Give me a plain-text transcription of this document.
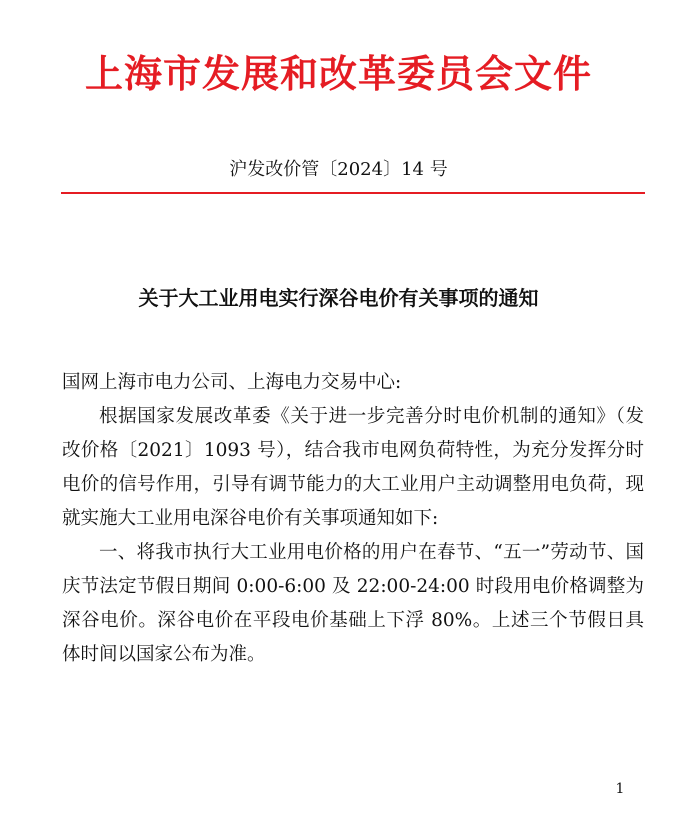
上海市发展和改革委员会文件
沪发改价管〔2024〕14 号
关于大工业用电实行深谷电价有关事项的通知

国网上海市电力公司、上海电力交易中心:

根据国家发展改革委《关于进一步完善分时电价机制的通知》（发改价格〔2021〕1093 号），结合我市电网负荷特性，为充分发挥分时电价的信号作用，引导有调节能力的大工业用户主动调整用电负荷，现就实施大工业用电深谷电价有关事项通知如下:

一、将我市执行大工业用电价格的用户在春节、“五一”劳动节、国庆节法定节假日期间 0:00-6:00 及 22:00-24:00 时段用电价格调整为深谷电价。深谷电价在平段电价基础上下浮 80%。上述三个节假日具体时间以国家公布为准。

1
